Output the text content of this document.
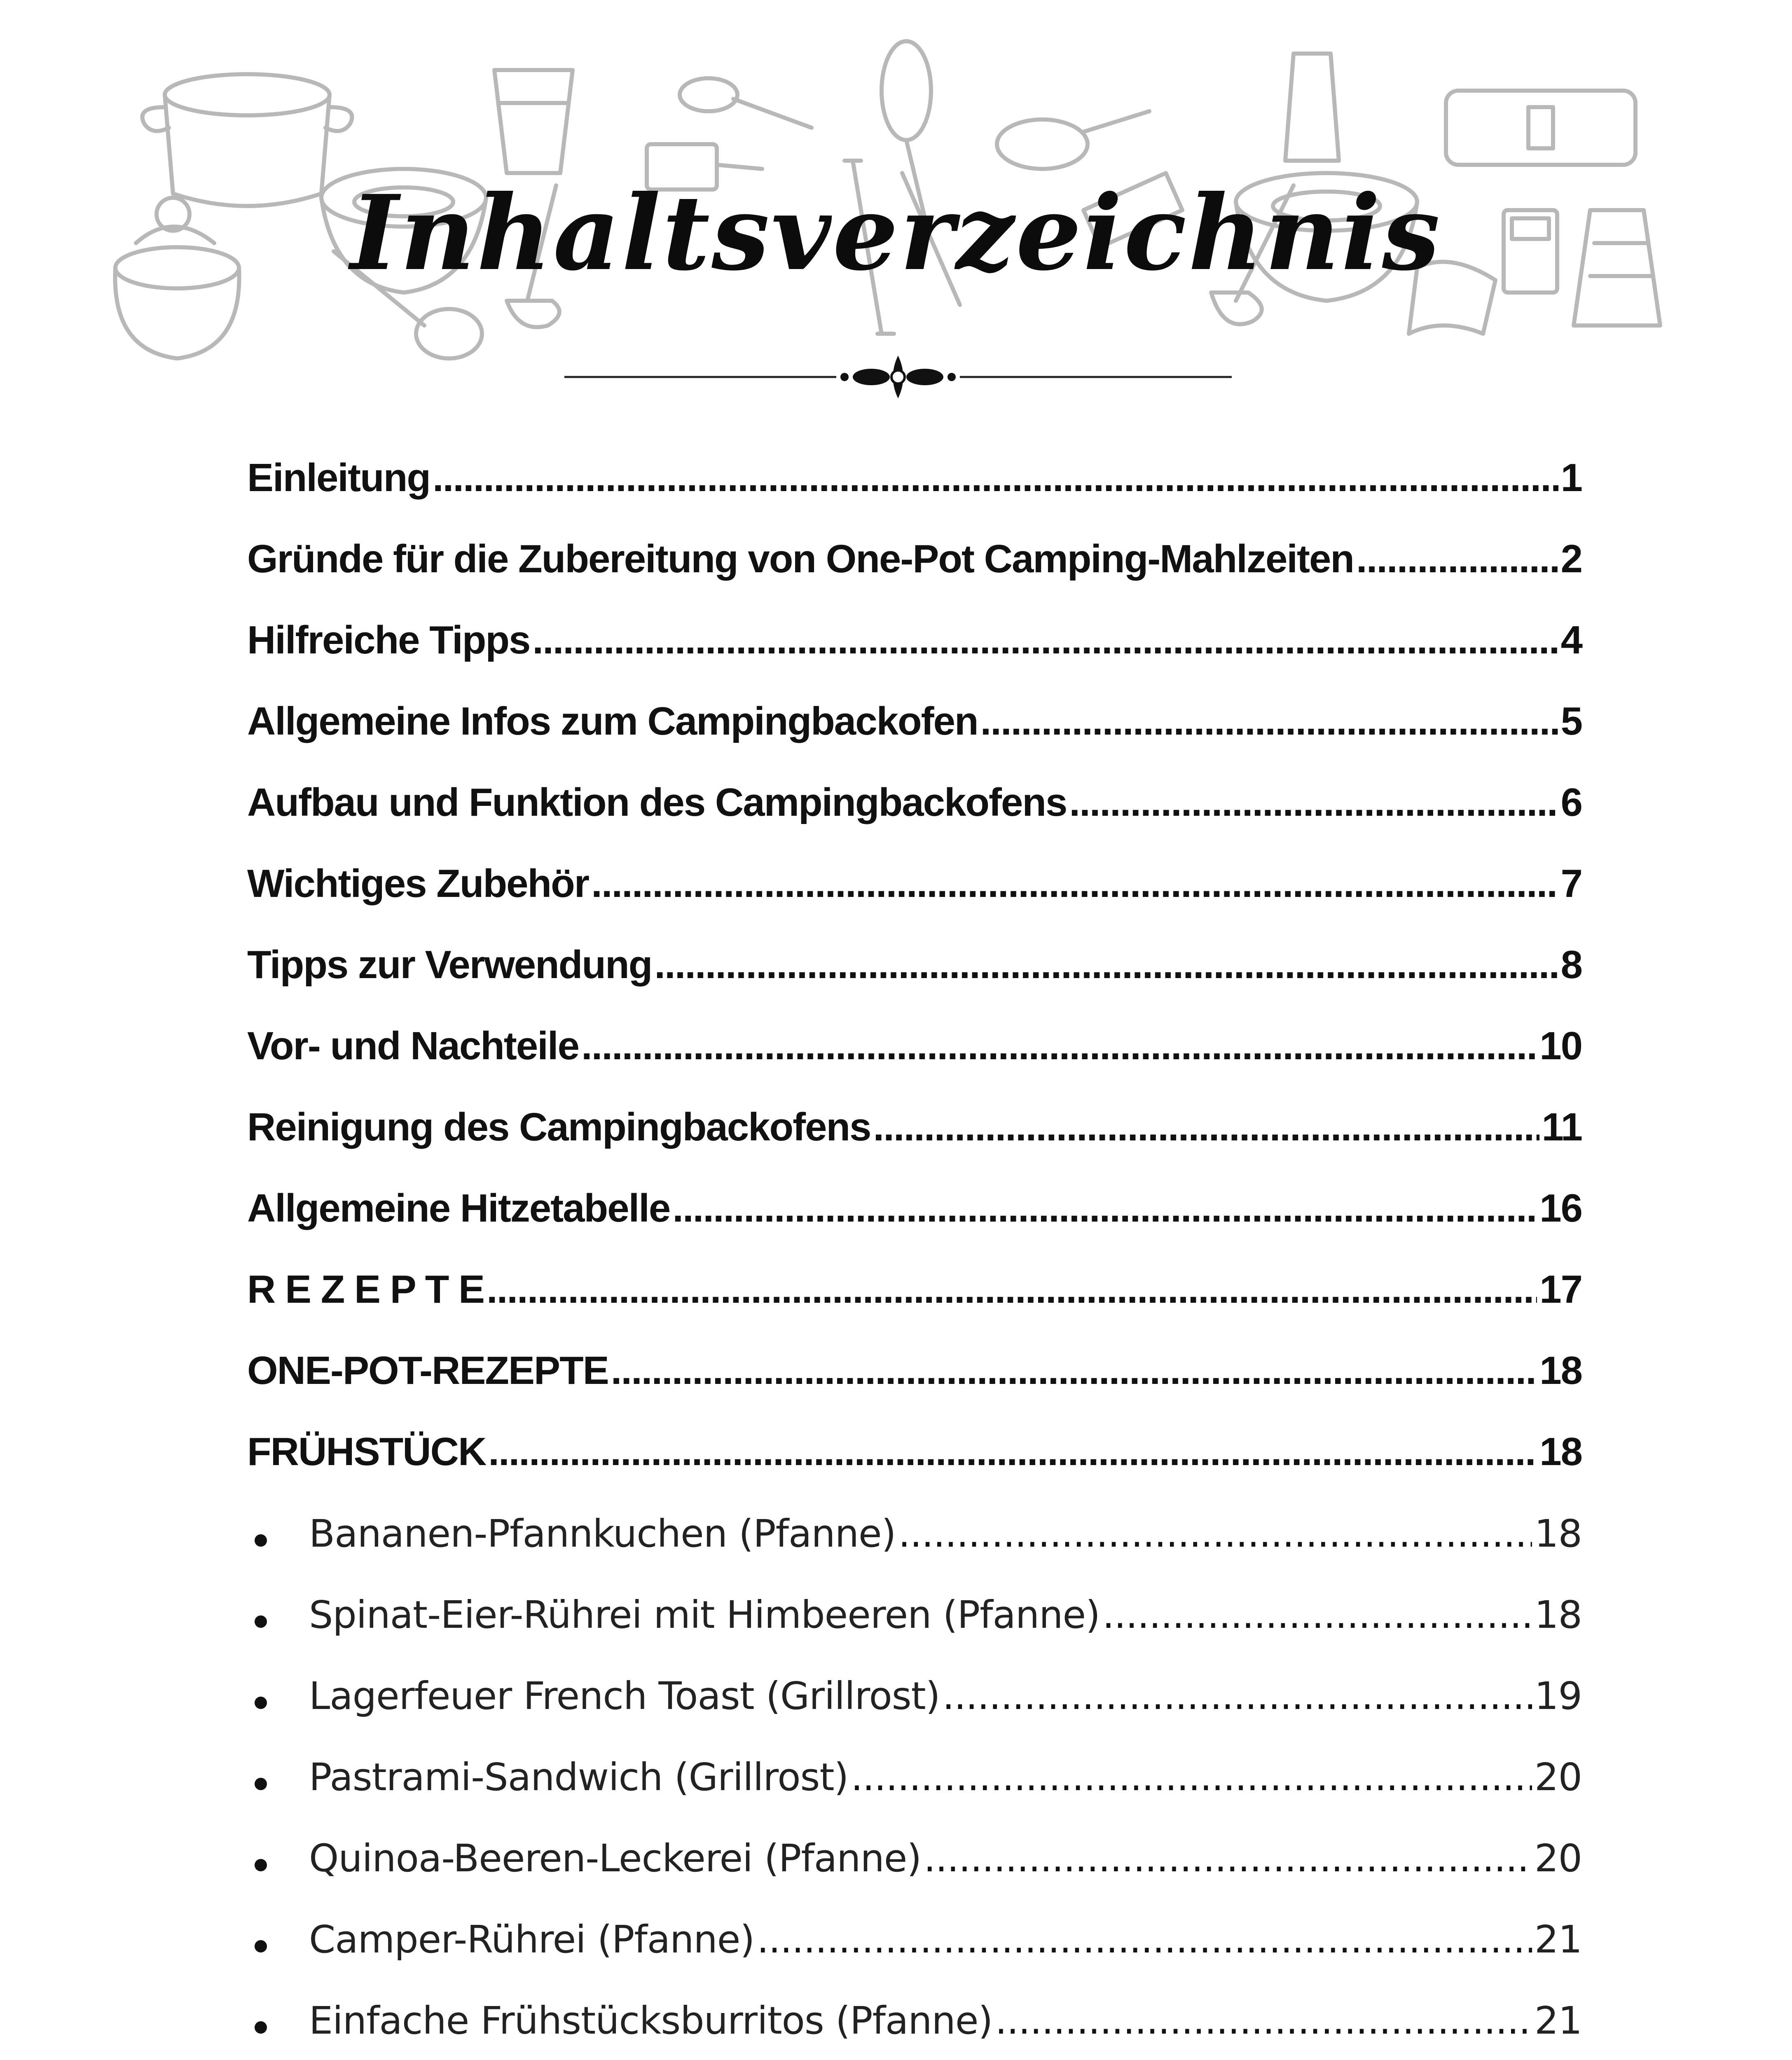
Inhaltsverzeichnis
Einleitung .....	1
Gründe für die Zubereitung von One-Pot Camping-Mahlzeiten .....	2
Hilfreiche Tipps .....	4
Allgemeine Infos zum Campingbackofen .....	5
Aufbau und Funktion des Campingbackofens .....	6
Wichtiges Zubehör .....	7
Tipps zur Verwendung .....	8
Vor- und Nachteile .....	10
Reinigung des Campingbackofens .....	11
Allgemeine Hitzetabelle .....	16
R E Z E P T E .....	17
ONE-POT-REZEPTE .....	18
FRÜHSTÜCK .....	18
Bananen-Pfannkuchen (Pfanne) .....	18
Spinat-Eier-Rührei mit Himbeeren (Pfanne) .....	18
Lagerfeuer French Toast (Grillrost) .....	19
Pastrami-Sandwich (Grillrost) .....	20
Quinoa-Beeren-Leckerei (Pfanne) .....	20
Camper-Rührei (Pfanne) .....	21
Einfache Frühstücksburritos (Pfanne) .....	21
